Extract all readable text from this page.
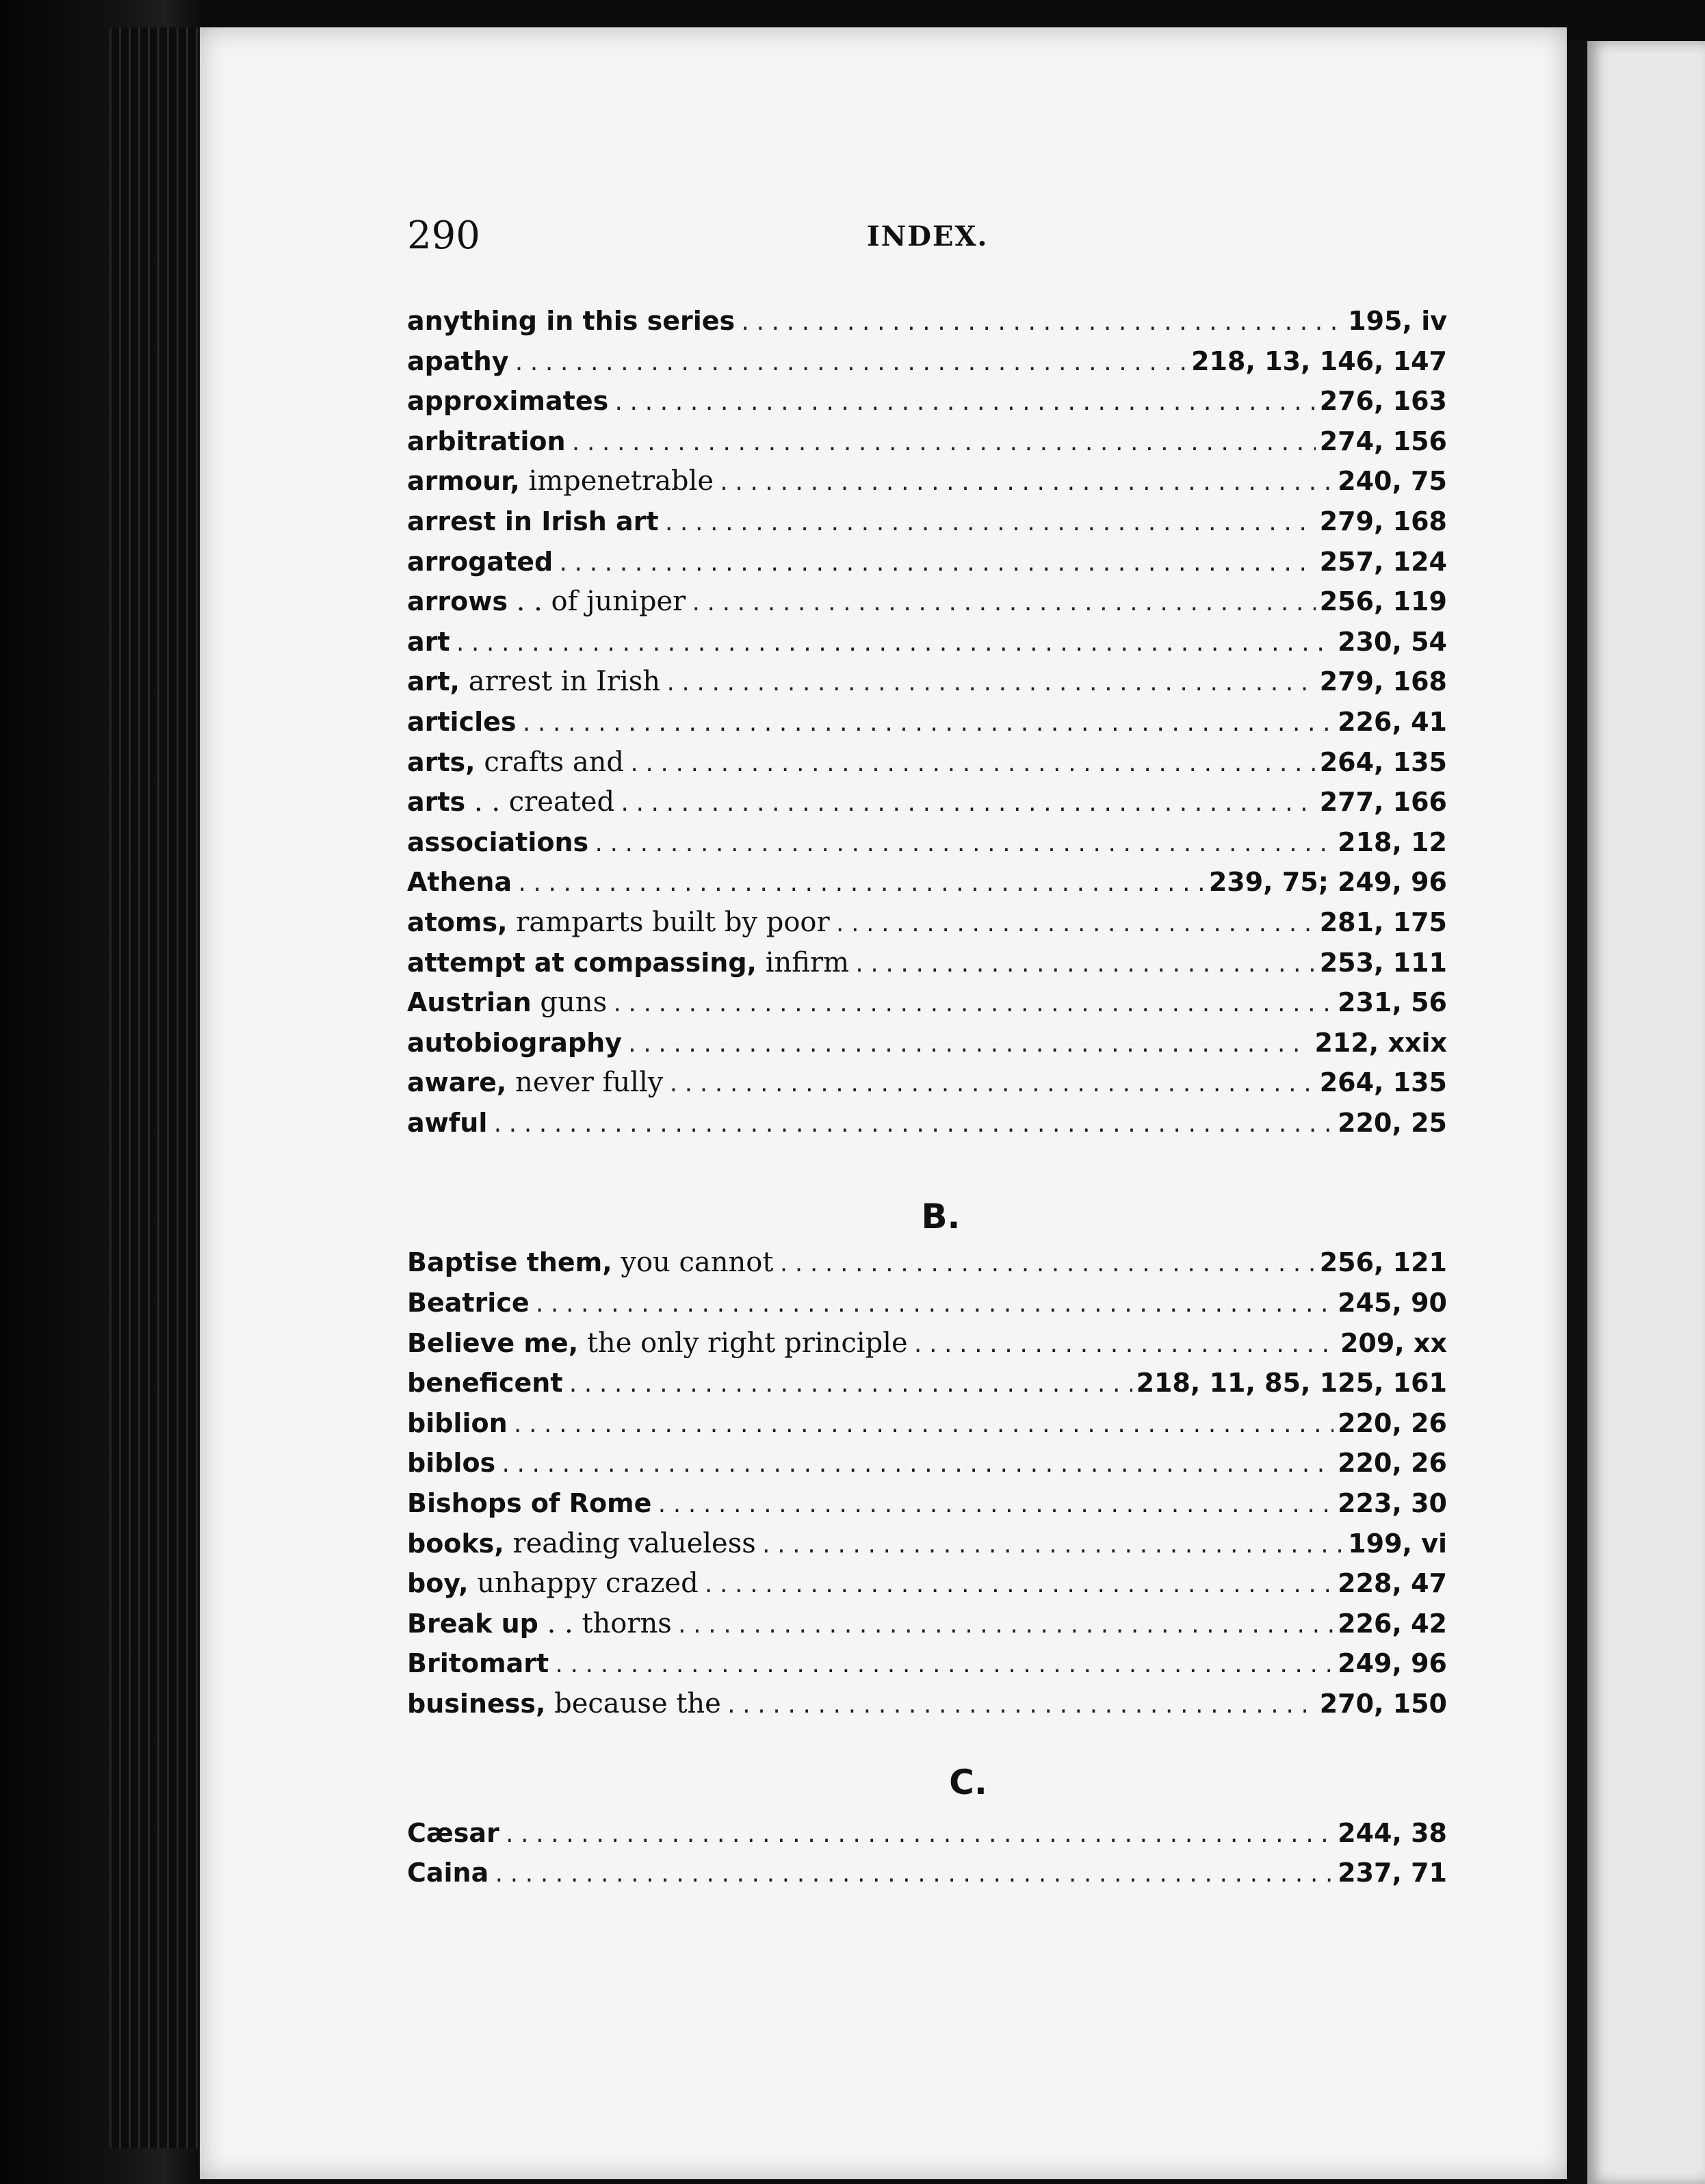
290	INDEX.
anything in this series .....	195, iv
apathy .....	218, 13, 146, 147
approximates .....	276, 163
arbitration .....	274, 156
armour, impenetrable .....	240, 75
arrest in Irish art .....	279, 168
arrogated .....	257, 124
arrows . . of juniper .....	256, 119
art .....	230, 54
art, arrest in Irish .....	279, 168
articles .....	226, 41
arts, crafts and .....	264, 135
arts . . created .....	277, 166
associations .....	218, 12
Athena .....	239, 75; 249, 96
atoms, ramparts built by poor .....	281, 175
attempt at compassing, infirm .....	253, 111
Austrian guns .....	231, 56
autobiography .....	212, xxix
aware, never fully .....	264, 135
awful .....	220, 25
B.
Baptise them, you cannot .....	256, 121
Beatrice .....	245, 90
Believe me, the only right principle .....	209, xx
beneficent .....	218, 11, 85, 125, 161
biblion .....	220, 26
biblos .....	220, 26
Bishops of Rome .....	223, 30
books, reading valueless .....	199, vi
boy, unhappy crazed .....	228, 47
Break up . . thorns .....	226, 42
Britomart .....	249, 96
business, because the .....	270, 150
C.
Cæsar .....	244, 38
Caina .....	237, 71
